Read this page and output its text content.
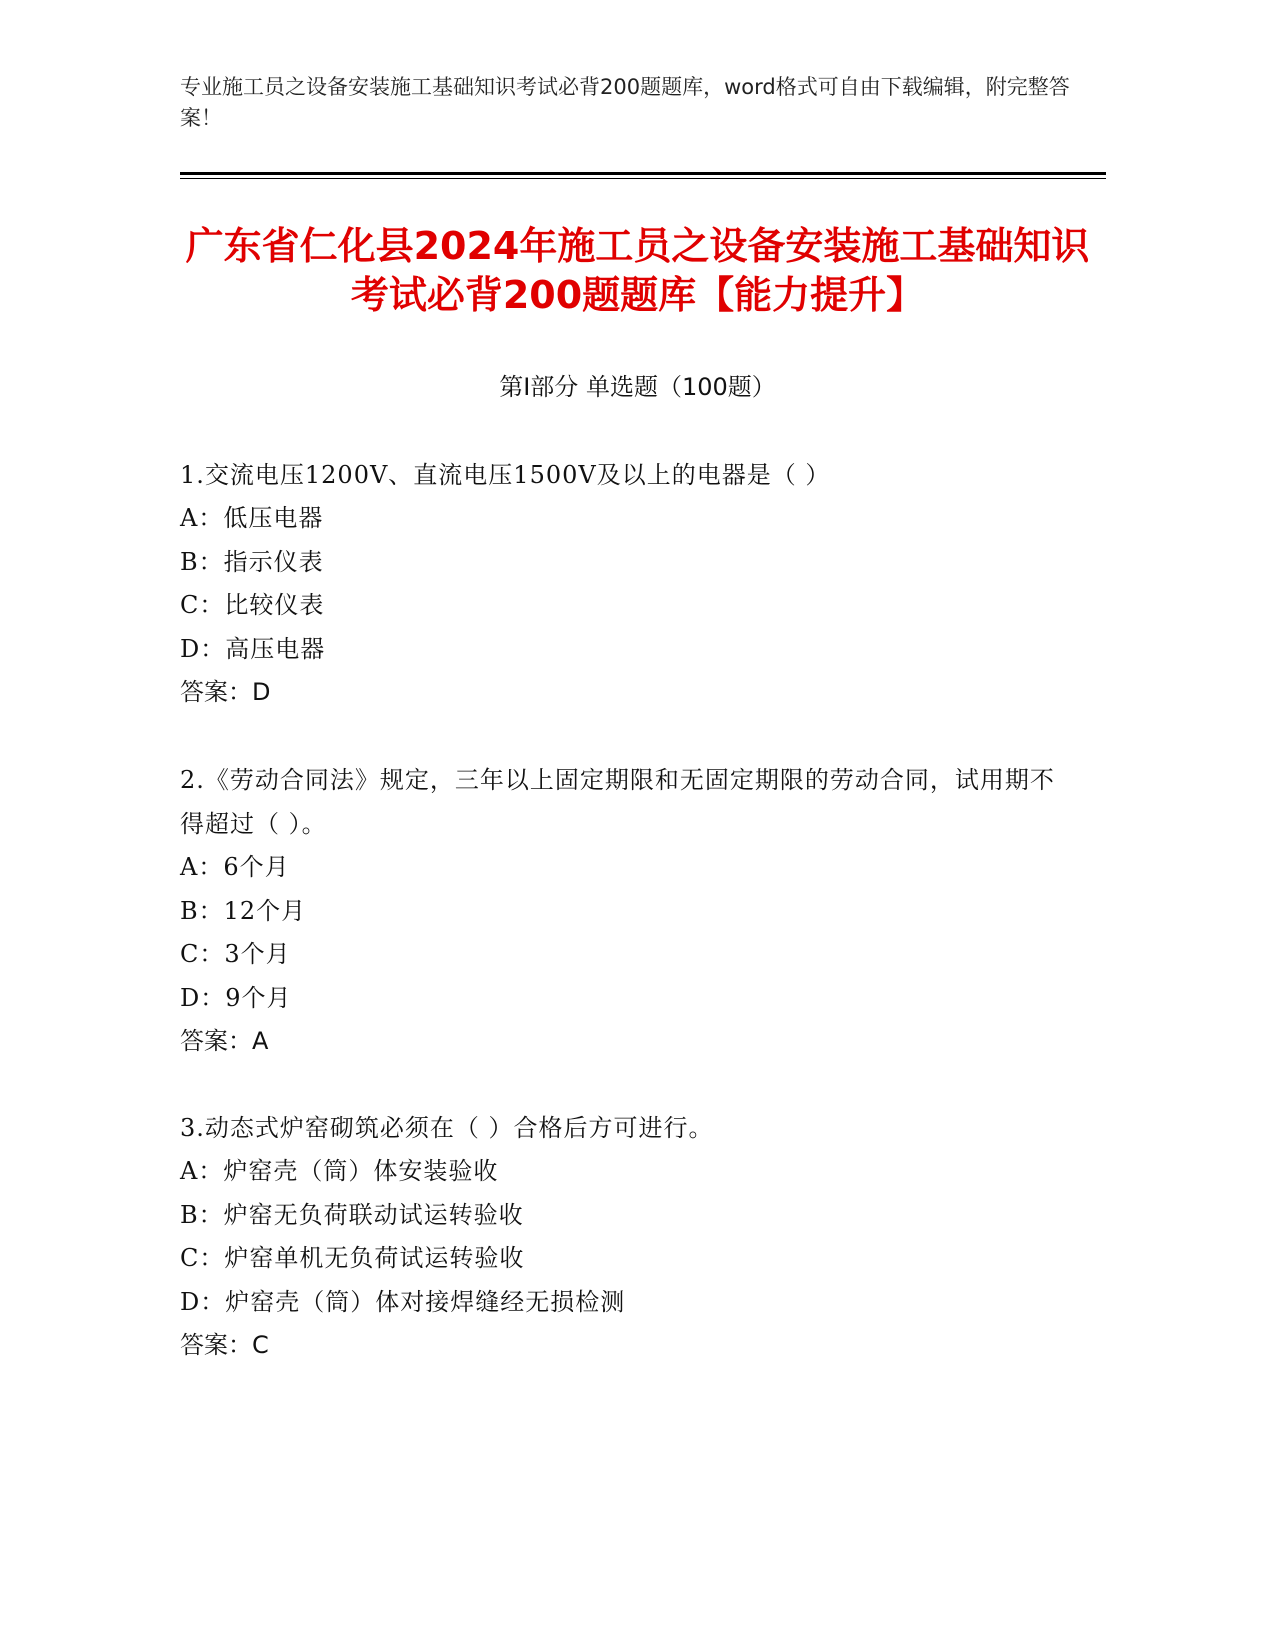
专业施工员之设备安装施工基础知识考试必背200题题库，word格式可自由下载编辑，附完整答案！
广东省仁化县2024年施工员之设备安装施工基础知识考试必背200题题库【能力提升】
第I部分 单选题（100题）
1.交流电压1200V、直流电压1500V及以上的电器是（ ）
A：低压电器
B：指示仪表
C：比较仪表
D：高压电器
答案：D
2.《劳动合同法》规定，三年以上固定期限和无固定期限的劳动合同，试用期不得超过（ ）。
A：6个月
B：12个月
C：3个月
D：9个月
答案：A
3.动态式炉窑砌筑必须在（ ）合格后方可进行。
A：炉窑壳（筒）体安装验收
B：炉窑无负荷联动试运转验收
C：炉窑单机无负荷试运转验收
D：炉窑壳（筒）体对接焊缝经无损检测
答案：C
